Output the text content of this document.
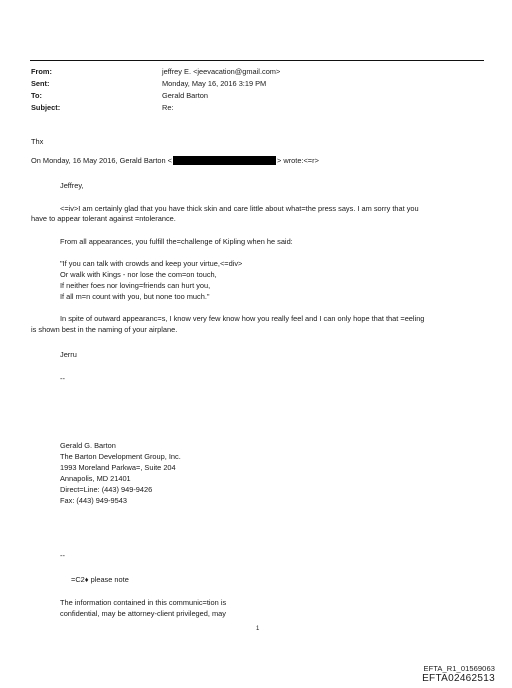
From:	jeffrey E. <jeevacation@gmail.com>
Sent:	Monday, May 16, 2016 3:19 PM
To:	Gerald Barton
Subject:	Re:
Thx
On Monday, 16 May 2016, Gerald Barton <	> wrote:<=r>
Jeffrey,
<=iv>I am certainly glad that you have thick skin and care little about what=the press says. I am sorry that you
have to appear tolerant against =ntolerance.
From all appearances, you fulfill the=challenge of Kipling when he said:
"If you can talk with crowds and keep your virtue,<=div>
Or walk with Kings - nor lose the com=on touch,
If neither foes nor loving=friends can hurt you,
If all m=n count with you, but none too much."
In spite of outward appearanc=s, I know very few know how you really feel and I can only hope that that =eeling
is shown best in the naming of your airplane.
Jerru
--
Gerald G. Barton
The Barton Development Group, Inc.
1993 Moreland Parkwa=, Suite 204
Annapolis, MD 21401
Direct=Line: (443) 949-9426
Fax: (443) 949-9543
--
=C2♦ please note
The information contained in this communic=tion is
confidential, may be attorney-client privileged, may
1
EFTA_R1_01569063
EFTA02462513
